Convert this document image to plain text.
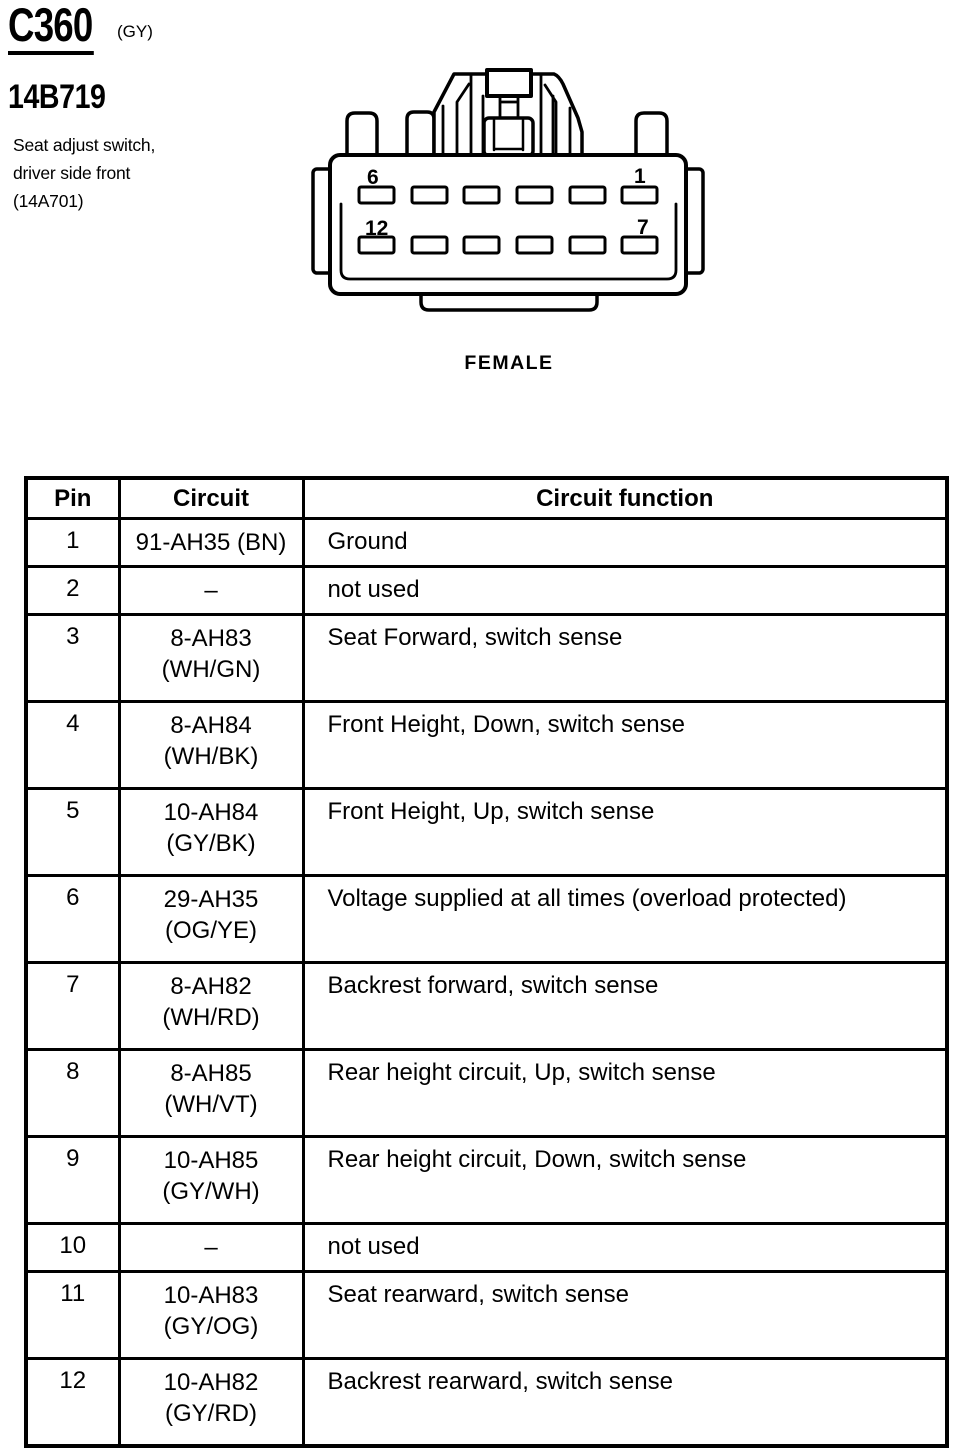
C360	(GY)
14B719

Seat adjust switch,
driver side front
(14A701)

6	1
12	7
FEMALE
Pin	Circuit	Circuit function
1	91-AH35 (BN)	Ground
2	–	not used
3	8-AH83
(WH/GN)	Seat Forward, switch sense
4	8-AH84
(WH/BK)	Front Height, Down, switch sense
5	10-AH84
(GY/BK)	Front Height, Up, switch sense
6	29-AH35
(OG/YE)	Voltage supplied at all times (overload protected)
7	8-AH82
(WH/RD)	Backrest forward, switch sense
8	8-AH85
(WH/VT)	Rear height circuit, Up, switch sense
9	10-AH85
(GY/WH)	Rear height circuit, Down, switch sense
10	–	not used
11	10-AH83
(GY/OG)	Seat rearward, switch sense
12	10-AH82
(GY/RD)	Backrest rearward, switch sense
